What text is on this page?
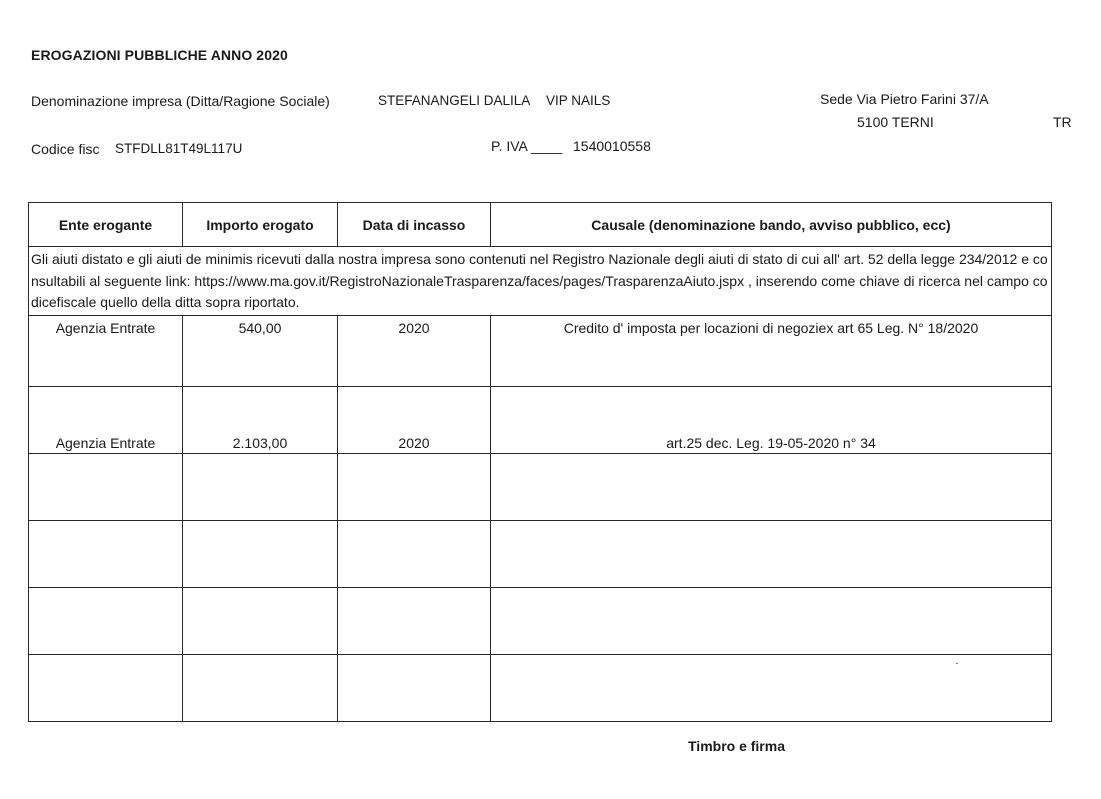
EROGAZIONI PUBBLICHE ANNO 2020
Denominazione impresa (Ditta/Ragione Sociale)	STEFANANGELI DALILA VIP NAILS	Sede Via Pietro Farini 37/A
5100 TERNI	TR
Codice fisc STFDLL81T49L117U	P. IVA ____ 1540010558
Ente erogante	Importo erogato	Data di incasso	Causale (denominazione bando, avviso pubblico, ecc)
Gli aiuti distato e gli aiuti de minimis ricevuti dalla nostra impresa sono contenuti nel Registro Nazionale degli aiuti di stato di cui all' art. 52 della legge 234/2012 e consultabili al seguente link: https://www.ma.gov.it/RegistroNazionaleTrasparenza/faces/pages/TrasparenzaAiuto.jspx , inserendo come chiave di ricerca nel campo codicefiscale quello della ditta sopra riportato.			
Agenzia Entrate	540,00	2020	Credito d' imposta per locazioni di negoziex art 65 Leg. N° 18/2020

Agenzia Entrate	2.103,00	2020	art.25 dec. Leg. 19-05-2020 n° 34

Timbro e firma
